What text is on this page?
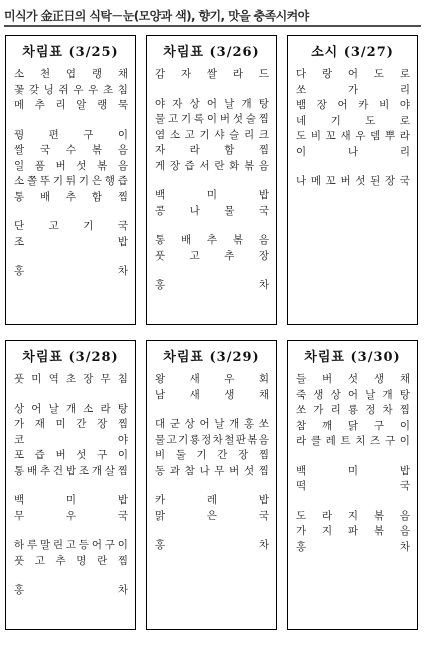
미식가 金正日의 식탁－눈(모양과 색), 향기, 맛을 충족시켜야
차림표 (3/25)
소 천 엽 랭 채
꽃 갖 닝 쥐 우 우 초 침
메 추 리 알 랭 묵
꿩 편 구 이
쌀 국 수 볶 음
일 품 버 섯 볶 음
소 쫄 뚜 기 튀 기 은 행 즙
통 배 추 함 찜
단 고 기 국
조	밥
홍	차
차림표 (3/26)
감 자 쌀 라 드
야 자 상 어 날 개 탕
물 고 기 록 이 버 섯 술 찜
염 소 고 기 샤 슬 리 크
자 라 함 찜
게 장 즙 서 란 화 볶 음
백	미	밥
콩 나 물 국
통 배 추 볶 음
풋 고 추 장
홍	차
소시 (3/27)
다 랑 어 도 로
쏘	가	리
뱀 장 어 카 비 야
네 기 도 로
도 비 꼬 새 우 뎀 뿌 라
이	나	리
나 메 꼬 버 섯 된 장 국
차림표 (3/28)
풋 미 역 초 장 무 침
상 어 날 개 소 라 탕
가 재 미 간 장 찜
코	야
포 즙 버 섯 구 이
통 배 추 건 밥 조 개 살 찜
백	미	밥
무	우	국
하 루 말 린 고 등 어 구 이
풋 고 추 명 란 찜
홍	차
차림표 (3/29)
왕 새 우 회
남 새 생 채
대 군 상 어 날 개 홍 쏘
물 고 기 룡 정 차 철 판 볶 음
비 둘 기 간 장 찜
동 과 참 나 무 버 섯 찜
카	레	밥
맑	은	국
홍	차
차림표 (3/30)
들 버 섯 생 채
죽 생 상 어 날 개 탕
쏘 가 리 룡 정 차 찜
참 깨 닭 구 이
라 클 레 트 치 즈 구 이
백	미	밥
떡	국
도 라 지 볶 음
가 지 파 볶 음
홍	차
